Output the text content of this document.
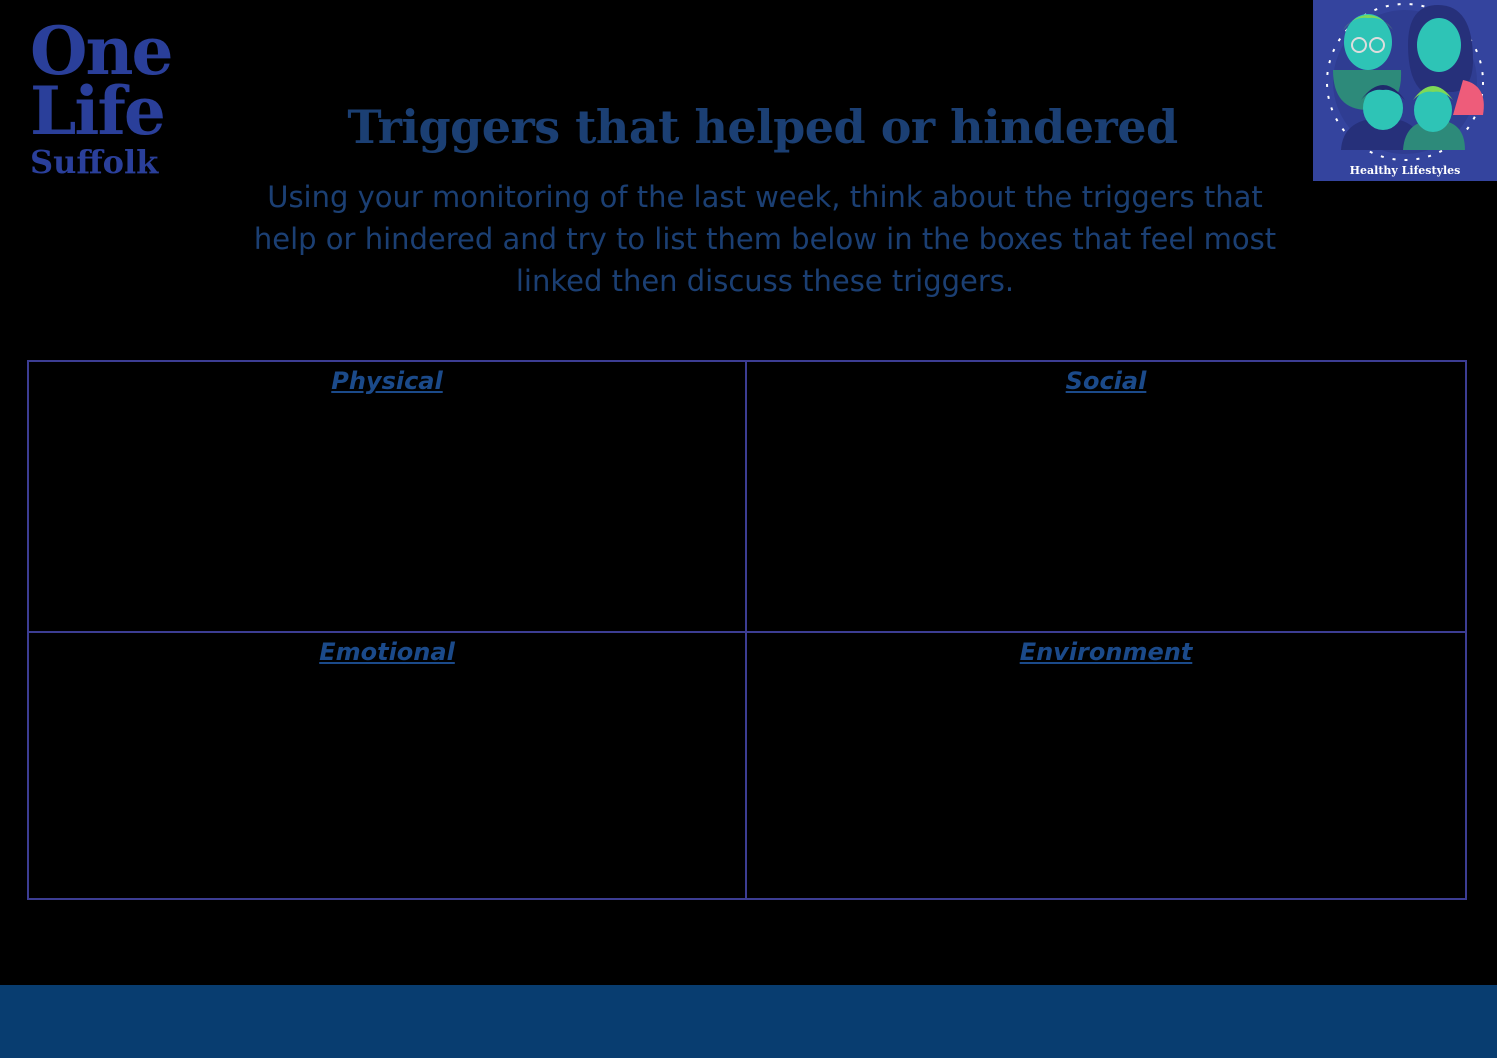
One
Life
Suffolk	Healthy Lifestyles
Triggers that helped or hindered

Using your monitoring of the last week, think about the triggers that help or hindered and try to list them below in the boxes that feel most linked then discuss these triggers.

Physical	Social
Emotional	Environment
